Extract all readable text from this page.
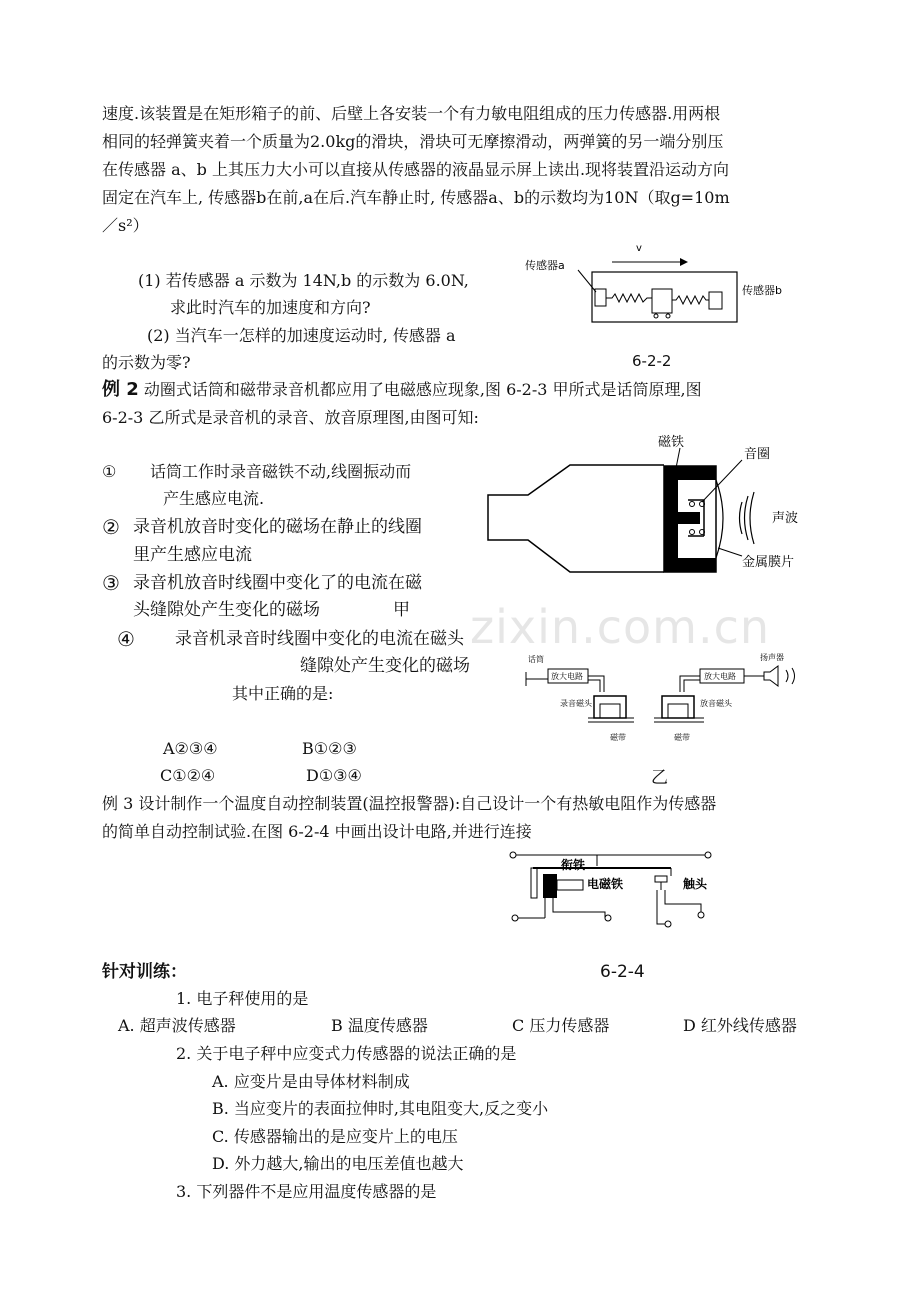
zixin.com.cn
速度.该装置是在矩形箱子的前、后壁上各安装一个有力敏电阻组成的压力传感器.用两根
相同的轻弹簧夹着一个质量为2.0kg的滑块，滑块可无摩擦滑动，两弹簧的另一端分别压
在传感器 a、b 上其压力大小可以直接从传感器的液晶显示屏上读出.现将装置沿运动方向
固定在汽车上, 传感器b在前,a在后.汽车静止时, 传感器a、b的示数均为10N（取g=10m
／s²）
(1) 若传感器 a 示数为 14N,b 的示数为 6.0N,
求此时汽车的加速度和方向?
(2) 当汽车一怎样的加速度运动时, 传感器 a
的示数为零?
v
传感器a
传感器b
6-2-2
例 2 动圈式话筒和磁带录音机都应用了电磁感应现象,图 6-2-3 甲所式是话筒原理,图
6-2-3 乙所式是录音机的录音、放音原理图,由图可知:
① 话筒工作时录音磁铁不动,线圈振动而
产生感应电流.
② 录音机放音时变化的磁场在静止的线圈
里产生感应电流
③ 录音机放音时线圈中变化了的电流在磁
头缝隙处产生变化的磁场	甲
④ 录音机录音时线圈中变化的电流在磁头
缝隙处产生变化的磁场
其中正确的是:
A②③④	B①②③
C①②④	D①③④	乙
磁铁
音圈
声波
金属膜片
话筒
放大电路
录音磁头
磁带
扬声器
放大电路
放音磁头
磁带
例 3 设计制作一个温度自动控制装置(温控报警器):自己设计一个有热敏电阻作为传感器
的简单自动控制试验.在图 6-2-4 中画出设计电路,并进行连接
衔铁
电磁铁	触头
针对训练：	6-2-4
1. 电子秤使用的是
A. 超声波传感器	B 温度传感器	C 压力传感器	D 红外线传感器
2. 关于电子秤中应变式力传感器的说法正确的是
A. 应变片是由导体材料制成
B. 当应变片的表面拉伸时,其电阻变大,反之变小
C. 传感器输出的是应变片上的电压
D. 外力越大,输出的电压差值也越大
3. 下列器件不是应用温度传感器的是
